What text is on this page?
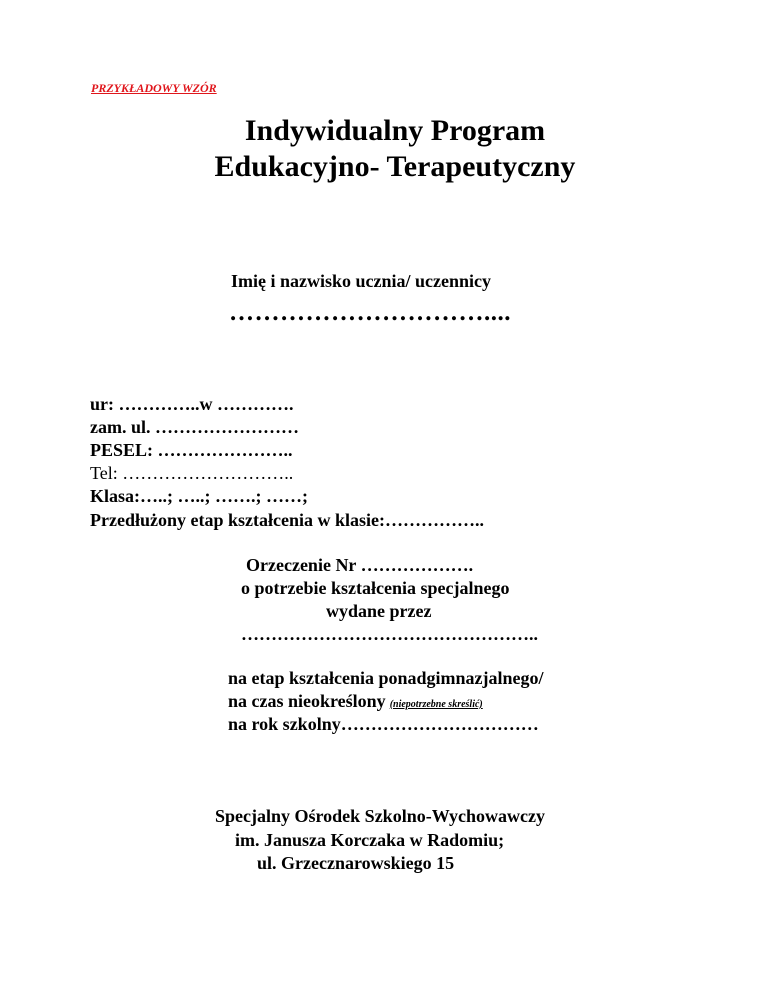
PRZYKŁADOWY WZÓR
Indywidualny Program
Edukacyjno- Terapeutyczny
Imię i nazwisko ucznia/ uczennicy
…………………………....
ur: …………..w ………….
zam. ul. ……………………
PESEL: …………………..
Tel: ………………………..
Klasa:…..; …..; …….; ……;
Przedłużony etap kształcenia w klasie:……………..
Orzeczenie Nr ……………….
o potrzebie kształcenia specjalnego
wydane przez
…………………………………………..
na etap kształcenia ponadgimnazjalnego/
na czas nieokreślony (niepotrzebne skreślić)
na rok szkolny……………………………
Specjalny Ośrodek Szkolno-Wychowawczy
im. Janusza Korczaka w Radomiu;
ul. Grzecznarowskiego 15
